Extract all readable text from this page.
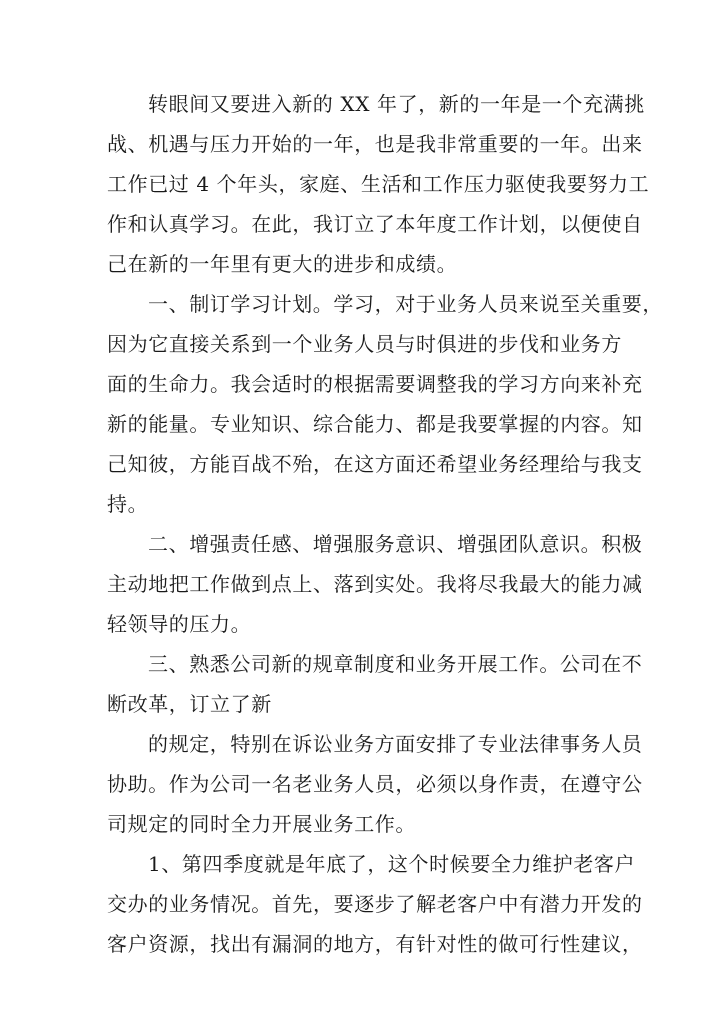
转眼间又要进入新的 XX 年了，新的一年是一个充满挑
战、机遇与压力开始的一年，也是我非常重要的一年。出来
工作已过 4 个年头，家庭、生活和工作压力驱使我要努力工
作和认真学习。在此，我订立了本年度工作计划，以便使自
己在新的一年里有更大的进步和成绩。
一、制订学习计划。学习，对于业务人员来说至关重要，
因为它直接关系到一个业务人员与时俱进的步伐和业务方
面的生命力。我会适时的根据需要调整我的学习方向来补充
新的能量。专业知识、综合能力、都是我要掌握的内容。知
己知彼，方能百战不殆，在这方面还希望业务经理给与我支
持。
二、增强责任感、增强服务意识、增强团队意识。积极
主动地把工作做到点上、落到实处。我将尽我最大的能力减
轻领导的压力。
三、熟悉公司新的规章制度和业务开展工作。公司在不
断改革，订立了新
的规定，特别在诉讼业务方面安排了专业法律事务人员
协助。作为公司一名老业务人员，必须以身作责，在遵守公
司规定的同时全力开展业务工作。
1、第四季度就是年底了，这个时候要全力维护老客户
交办的业务情况。首先，要逐步了解老客户中有潜力开发的
客户资源，找出有漏洞的地方，有针对性的做可行性建议，
